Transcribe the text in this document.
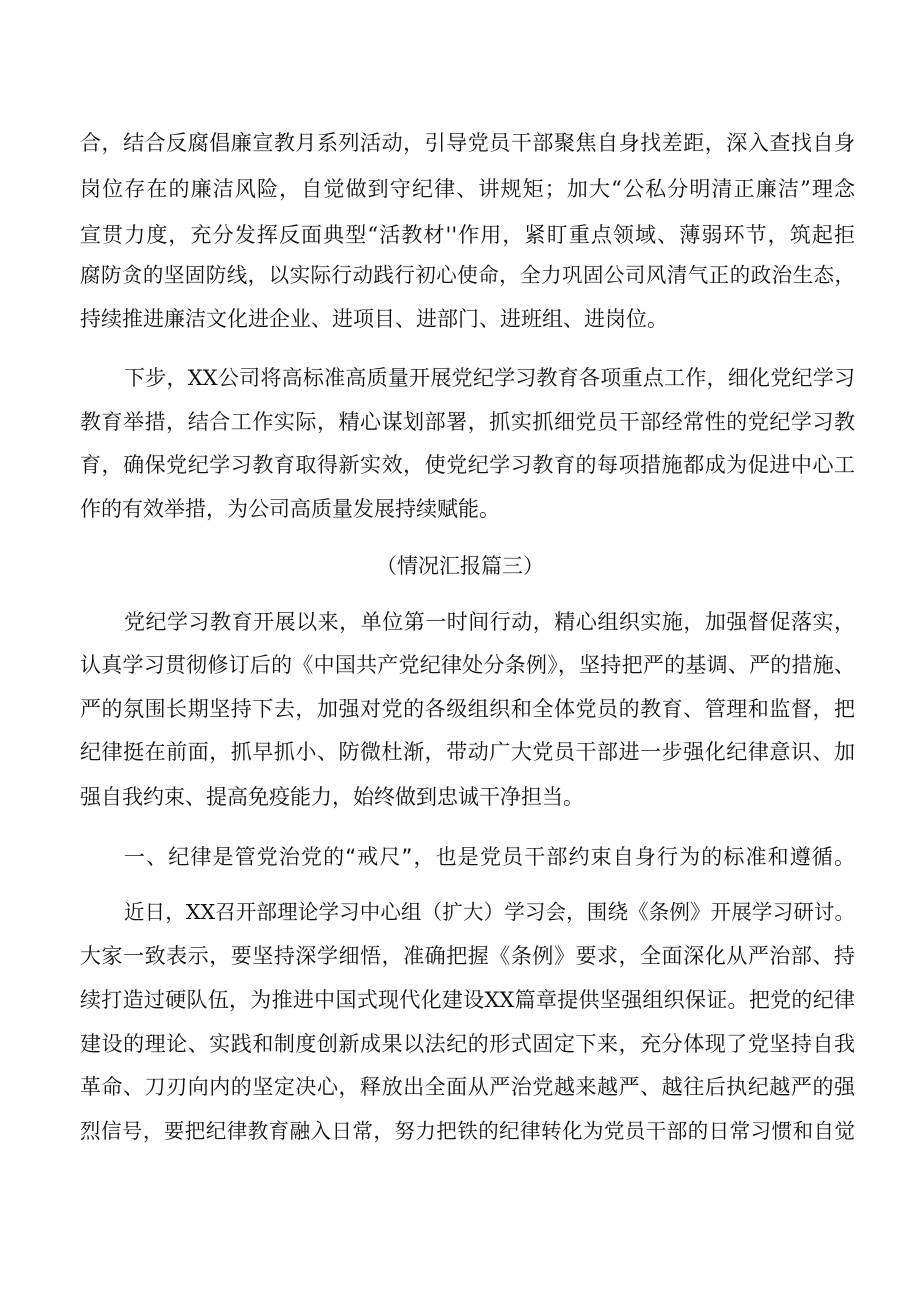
合，结合反腐倡廉宣教月系列活动，引导党员干部聚焦自身找差距，深入查找自身
岗位存在的廉洁风险，自觉做到守纪律、讲规矩；加大“公私分明清正廉洁”理念
宣贯力度，充分发挥反面典型“活教材''作用，紧盯重点领域、薄弱环节，筑起拒
腐防贪的坚固防线，以实际行动践行初心使命，全力巩固公司风清气正的政治生态，
持续推进廉洁文化进企业、进项目、进部门、进班组、进岗位。
下步，XX公司将高标准高质量开展党纪学习教育各项重点工作，细化党纪学习
教育举措，结合工作实际，精心谋划部署，抓实抓细党员干部经常性的党纪学习教
育，确保党纪学习教育取得新实效，使党纪学习教育的每项措施都成为促进中心工
作的有效举措，为公司高质量发展持续赋能。
（情况汇报篇三）
党纪学习教育开展以来，单位第一时间行动，精心组织实施，加强督促落实，
认真学习贯彻修订后的《中国共产党纪律处分条例》，坚持把严的基调、严的措施、
严的氛围长期坚持下去，加强对党的各级组织和全体党员的教育、管理和监督，把
纪律挺在前面，抓早抓小、防微杜渐，带动广大党员干部进一步强化纪律意识、加
强自我约束、提高免疫能力，始终做到忠诚干净担当。
一、纪律是管党治党的“戒尺”，也是党员干部约束自身行为的标准和遵循。
近日，XX召开部理论学习中心组（扩大）学习会，围绕《条例》开展学习研讨。
大家一致表示，要坚持深学细悟，准确把握《条例》要求，全面深化从严治部、持
续打造过硬队伍，为推进中国式现代化建设XX篇章提供坚强组织保证。把党的纪律
建设的理论、实践和制度创新成果以法纪的形式固定下来，充分体现了党坚持自我
革命、刀刃向内的坚定决心，释放出全面从严治党越来越严、越往后执纪越严的强
烈信号，要把纪律教育融入日常，努力把铁的纪律转化为党员干部的日常习惯和自觉
